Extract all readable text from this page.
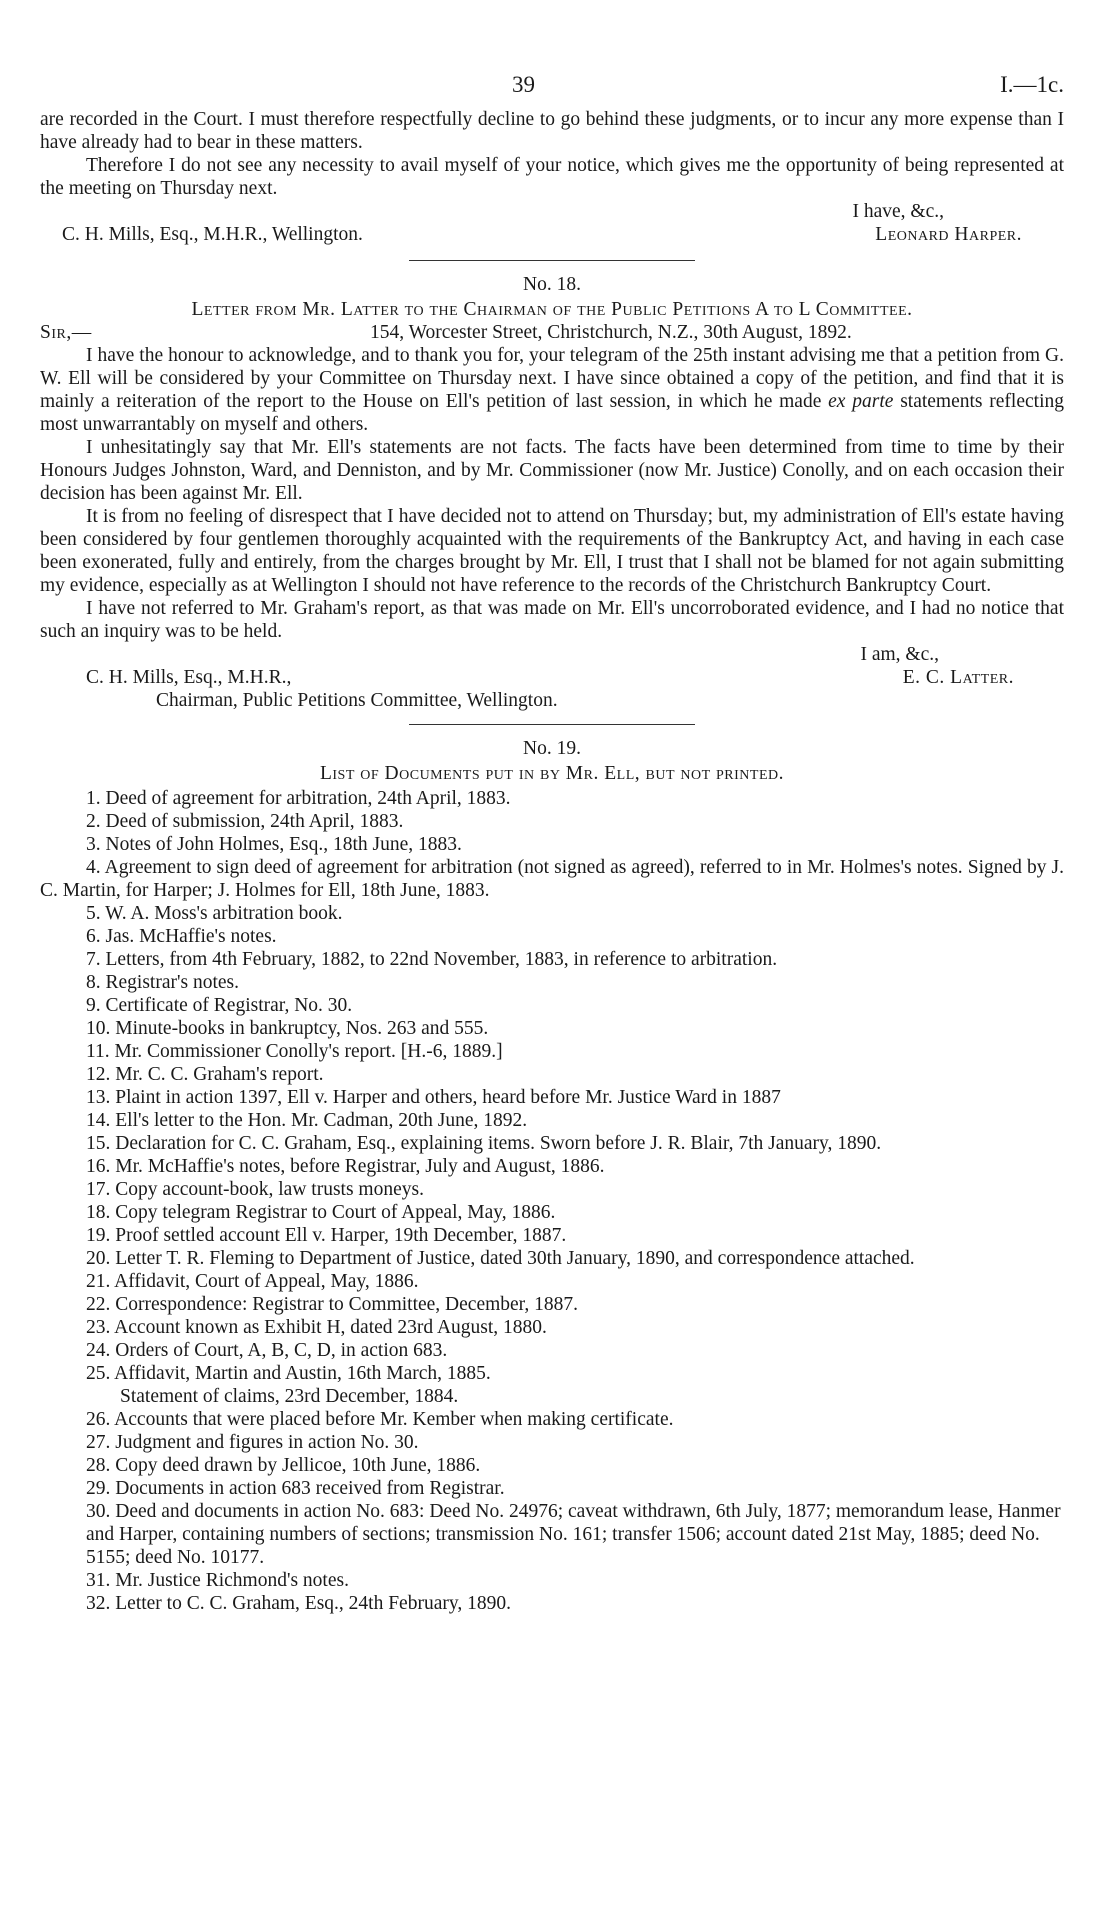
39	I.—1c.

are recorded in the Court. I must therefore respectfully decline to go behind these judgments, or to incur any more expense than I have already had to bear in these matters.

Therefore I do not see any necessity to avail myself of your notice, which gives me the opportunity of being represented at the meeting on Thursday next.

I have, &c.,
C. H. Mills, Esq., M.H.R., Wellington.	Leonard Harper.

No. 18.

Letter from Mr. Latter to the Chairman of the Public Petitions A to L Committee.

Sir,—	154, Worcester Street, Christchurch, N.Z., 30th August, 1892.

I have the honour to acknowledge, and to thank you for, your telegram of the 25th instant advising me that a petition from G. W. Ell will be considered by your Committee on Thursday next. I have since obtained a copy of the petition, and find that it is mainly a reiteration of the report to the House on Ell's petition of last session, in which he made ex parte statements reflecting most unwarrantably on myself and others.

I unhesitatingly say that Mr. Ell's statements are not facts. The facts have been determined from time to time by their Honours Judges Johnston, Ward, and Denniston, and by Mr. Commissioner (now Mr. Justice) Conolly, and on each occasion their decision has been against Mr. Ell.

It is from no feeling of disrespect that I have decided not to attend on Thursday; but, my administration of Ell's estate having been considered by four gentlemen thoroughly acquainted with the requirements of the Bankruptcy Act, and having in each case been exonerated, fully and entirely, from the charges brought by Mr. Ell, I trust that I shall not be blamed for not again submitting my evidence, especially as at Wellington I should not have reference to the records of the Christchurch Bankruptcy Court.

I have not referred to Mr. Graham's report, as that was made on Mr. Ell's uncorroborated evidence, and I had no notice that such an inquiry was to be held.

I am, &c.,
C. H. Mills, Esq., M.H.R.,	E. C. Latter.
Chairman, Public Petitions Committee, Wellington.

No. 19.

List of Documents put in by Mr. Ell, but not printed.

1. Deed of agreement for arbitration, 24th April, 1883.

2. Deed of submission, 24th April, 1883.

3. Notes of John Holmes, Esq., 18th June, 1883.

4. Agreement to sign deed of agreement for arbitration (not signed as agreed), referred to in Mr. Holmes's notes. Signed by J. C. Martin, for Harper; J. Holmes for Ell, 18th June, 1883.

5. W. A. Moss's arbitration book.

6. Jas. McHaffie's notes.

7. Letters, from 4th February, 1882, to 22nd November, 1883, in reference to arbitration.

8. Registrar's notes.

9. Certificate of Registrar, No. 30.

10. Minute-books in bankruptcy, Nos. 263 and 555.

11. Mr. Commissioner Conolly's report. [H.-6, 1889.]

12. Mr. C. C. Graham's report.

13. Plaint in action 1397, Ell v. Harper and others, heard before Mr. Justice Ward in 1887

14. Ell's letter to the Hon. Mr. Cadman, 20th June, 1892.

15. Declaration for C. C. Graham, Esq., explaining items. Sworn before J. R. Blair, 7th January, 1890.

16. Mr. McHaffie's notes, before Registrar, July and August, 1886.

17. Copy account-book, law trusts moneys.

18. Copy telegram Registrar to Court of Appeal, May, 1886.

19. Proof settled account Ell v. Harper, 19th December, 1887.

20. Letter T. R. Fleming to Department of Justice, dated 30th January, 1890, and correspondence attached.

21. Affidavit, Court of Appeal, May, 1886.

22. Correspondence: Registrar to Committee, December, 1887.

23. Account known as Exhibit H, dated 23rd August, 1880.

24. Orders of Court, A, B, C, D, in action 683.

25. Affidavit, Martin and Austin, 16th March, 1885.

Statement of claims, 23rd December, 1884.

26. Accounts that were placed before Mr. Kember when making certificate.

27. Judgment and figures in action No. 30.

28. Copy deed drawn by Jellicoe, 10th June, 1886.

29. Documents in action 683 received from Registrar.

30. Deed and documents in action No. 683: Deed No. 24976; caveat withdrawn, 6th July, 1877; memorandum lease, Hanmer and Harper, containing numbers of sections; transmission No. 161; transfer 1506; account dated 21st May, 1885; deed No. 5155; deed No. 10177.

31. Mr. Justice Richmond's notes.

32. Letter to C. C. Graham, Esq., 24th February, 1890.
